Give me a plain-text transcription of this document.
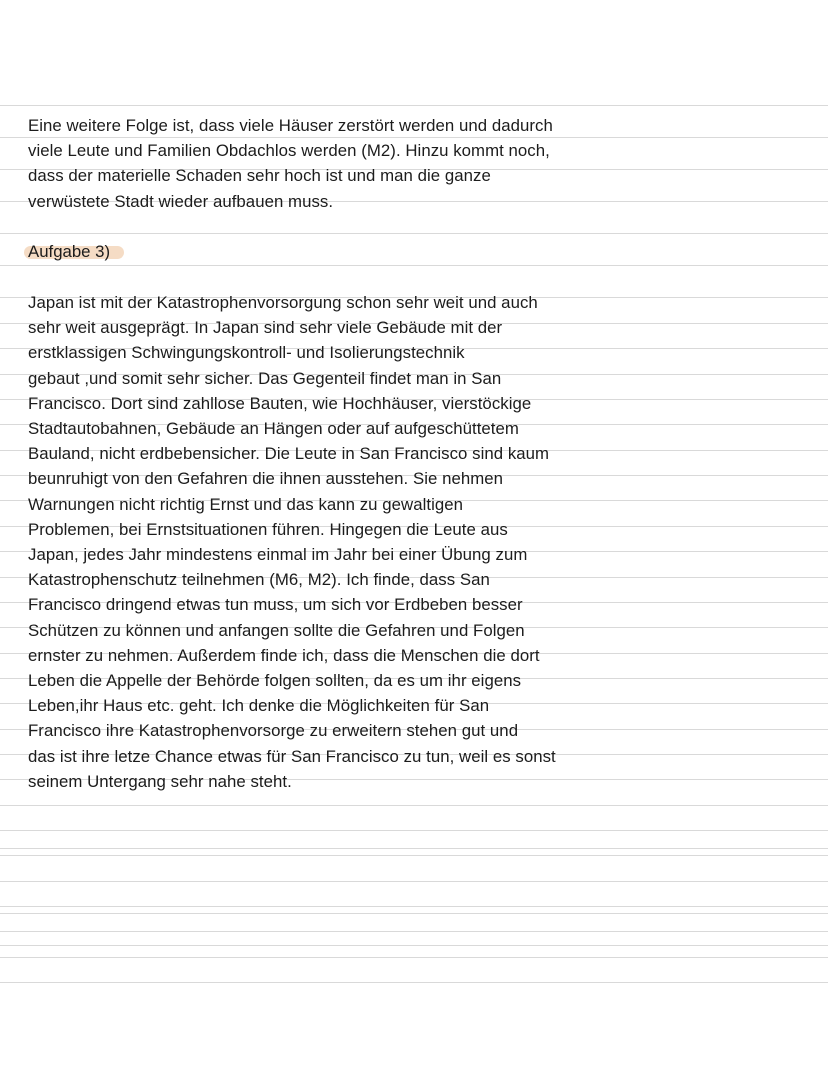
Eine weitere Folge ist, dass viele Häuser zerstört werden und dadurch
viele Leute und Familien Obdachlos werden (M2). Hinzu kommt noch,
dass der materielle Schaden sehr hoch ist und man die ganze
verwüstete Stadt wieder aufbauen muss.
Aufgabe 3)
Japan ist mit der Katastrophenvorsorgung schon sehr weit und auch
sehr weit ausgeprägt. In Japan sind sehr viele Gebäude mit der
erstklassigen Schwingungskontroll- und Isolierungstechnik
gebaut ,und somit sehr sicher. Das Gegenteil findet man in San
Francisco. Dort sind zahllose Bauten, wie Hochhäuser, vierstöckige
Stadtautobahnen, Gebäude an Hängen oder auf aufgeschüttetem
Bauland, nicht erdbebensicher. Die Leute in San Francisco sind kaum
beunruhigt von den Gefahren die ihnen ausstehen. Sie nehmen
Warnungen nicht richtig Ernst und das kann zu gewaltigen
Problemen, bei Ernstsituationen führen. Hingegen die Leute aus
Japan, jedes Jahr mindestens einmal im Jahr bei einer Übung zum
Katastrophenschutz teilnehmen (M6, M2). Ich finde, dass San
Francisco dringend etwas tun muss, um sich vor Erdbeben besser
Schützen zu können und anfangen sollte die Gefahren und Folgen
ernster zu nehmen. Außerdem finde ich, dass die Menschen die dort
Leben die Appelle der Behörde folgen sollten, da es um ihr eigens
Leben,ihr Haus etc. geht. Ich denke die Möglichkeiten für San
Francisco ihre Katastrophenvorsorge zu erweitern stehen gut und
das ist ihre letze Chance etwas für San Francisco zu tun, weil es sonst
seinem Untergang sehr nahe steht.
